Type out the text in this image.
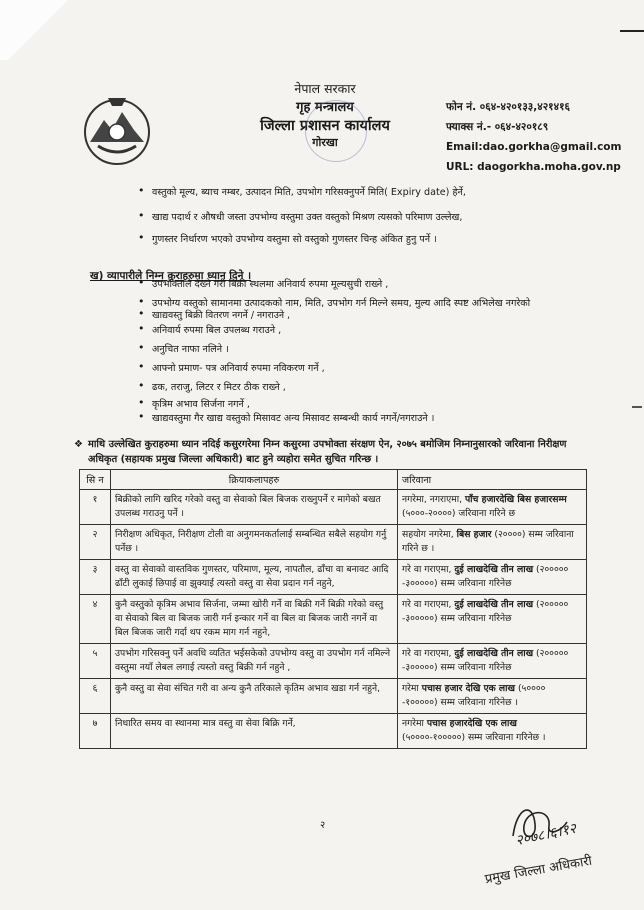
नेपाल सरकार
गृह मन्त्रालय
जिल्ला प्रशासन कार्यालय
गोरखा
फोन नं. ०६४-४२०१३३,४२१४१६
फ्याक्स नं.- ०६४-४२०१८९
Email:dao.gorkha@gmail.com
URL: daogorkha.moha.gov.np
• वस्तुको मूल्य, ब्याच नम्बर, उत्पादन मिति, उपभोग गरिसक्नुपर्ने मिति( Expiry date) हेर्ने,
• खाद्य पदार्थ र औषधी जस्ता उपभोग्य वस्तुमा उक्त वस्तुको मिश्रण त्यसको परिमाण उल्लेख,
• गुणस्तर निर्धारण भएको उपभोग्य वस्तुमा सो वस्तुको गुणस्तर चिन्ह अंकित हुनु पर्ने ।
ख) व्यापारीले निम्न कुराहरुमा ध्यान दिने ।
• उपभोक्ताले देख्ने गरी बिक्री स्थलमा अनिवार्य रुपमा मूल्यसुची राख्ने ,
• उपभोग्य वस्तुको सामानमा उत्पादकको नाम, मिति, उपभोग गर्न मिल्ने समय, मुल्य आदि स्पष्ट अभिलेख नगरेको
• खाद्यवस्तु बिक्री वितरण नगर्ने / नगराउने ,
• अनिवार्य रुपमा बिल उपलब्ध गराउने ,
• अनुचित नाफा नलिने ।
• आफ्नो प्रमाण- पत्र अनिवार्य रुपमा नविकरण गर्ने ,
• ढक, तराजु, लिटर र मिटर ठीक राख्ने ,
• कृत्रिम अभाव सिर्जना नगर्ने ,
• खाद्यवस्तुमा गैर खाद्य वस्तुको मिसावट अन्य मिसावट सम्बन्धी कार्य नगर्ने/नगराउने ।
❖ माथि उल्लेखित कुराहरुमा ध्यान नदिई कसुरगरेमा निम्न कसुरमा उपभोक्ता संरक्षण ऐन, २०७५ बमोजिम निम्नानुसारको जरिवाना निरीक्षण अधिकृत (सहायक प्रमुख जिल्ला अधिकारी) बाट हुने व्यहोरा समेत सुचित गरिन्छ ।
सि न	क्रियाकलापहरु	जरिवाना
१	बिक्रीको लागि खरिद गरेको वस्तु वा सेवाको बिल बिजक राख्नुपर्ने र मागेको बखत उपलब्ध गराउनु पर्ने ।	नगरेमा, नगराएमा, पाँच हजारदेखि बिस हजारसम्म (५०००-२००००) जरिवाना गरिने छ
२	निरीक्षण अधिकृत, निरीक्षण टोली वा अनुगमनकर्तालाई सम्बन्धित सबैले सहयोग गर्नु पर्नेछ ।	सहयोग नगरेमा, बिस हजार (२००००) सम्म जरिवाना गरिने छ ।
३	वस्तु वा सेवाको वास्तविक गुणस्तर, परिमाण, मूल्य, नापतौल, ढाँचा वा बनावट आदि ढाँटी लुकाई छिपाई वा झुक्याई त्यस्तो वस्तु वा सेवा प्रदान गर्न नहुने,	गरे वा गराएमा, दुई लाखदेखि तीन लाख (२००००० -३०००००) सम्म जरिवाना गरिनेछ
४	कुनै वस्तुको कृत्रिम अभाव सिर्जना, जम्मा खोरी गर्ने वा बिक्री गर्ने बिक्री गरेको वस्तु वा सेवाको बिल वा बिजक जारी गर्न इन्कार गर्ने वा बिल वा बिजक जारी नगर्ने वा बिल बिजक जारी गर्दा थप रकम माग गर्न नहुने,	गरे वा गराएमा, दुई लाखदेखि तीन लाख (२००००० -३०००००) सम्म जरिवाना गरिनेछ
५	उपभोग गरिसक्नु पर्ने अवधि व्यतित भईसकेको उपभोग्य वस्तु वा उपभोग गर्न नमिल्ने वस्तुमा नयाँ लेबल लगाई त्यस्तो वस्तु बिक्री गर्न नहुने ,	गरे वा गराएमा, दुई लाखदेखि तीन लाख (२००००० -३०००००) सम्म जरिवाना गरिनेछ
६	कुनै वस्तु वा सेवा संचित गरी वा अन्य कुनै तरिकाले कृतिम अभाव खडा गर्न नहुने,	गरेमा पचास हजार देखि एक लाख (५०००० -१०००००) सम्म जरिवाना गरिनेछ ।
७	निधारित समय वा स्थानमा मात्र वस्तु वा सेवा बिक्रि गर्ने,	नगरेमा पचास हजारदेखि एक लाख (५००००-१०००००) सम्म जरिवाना गरिनेछ ।
२	२०७८।६।१२
प्रमुख जिल्ला अधिकारी
